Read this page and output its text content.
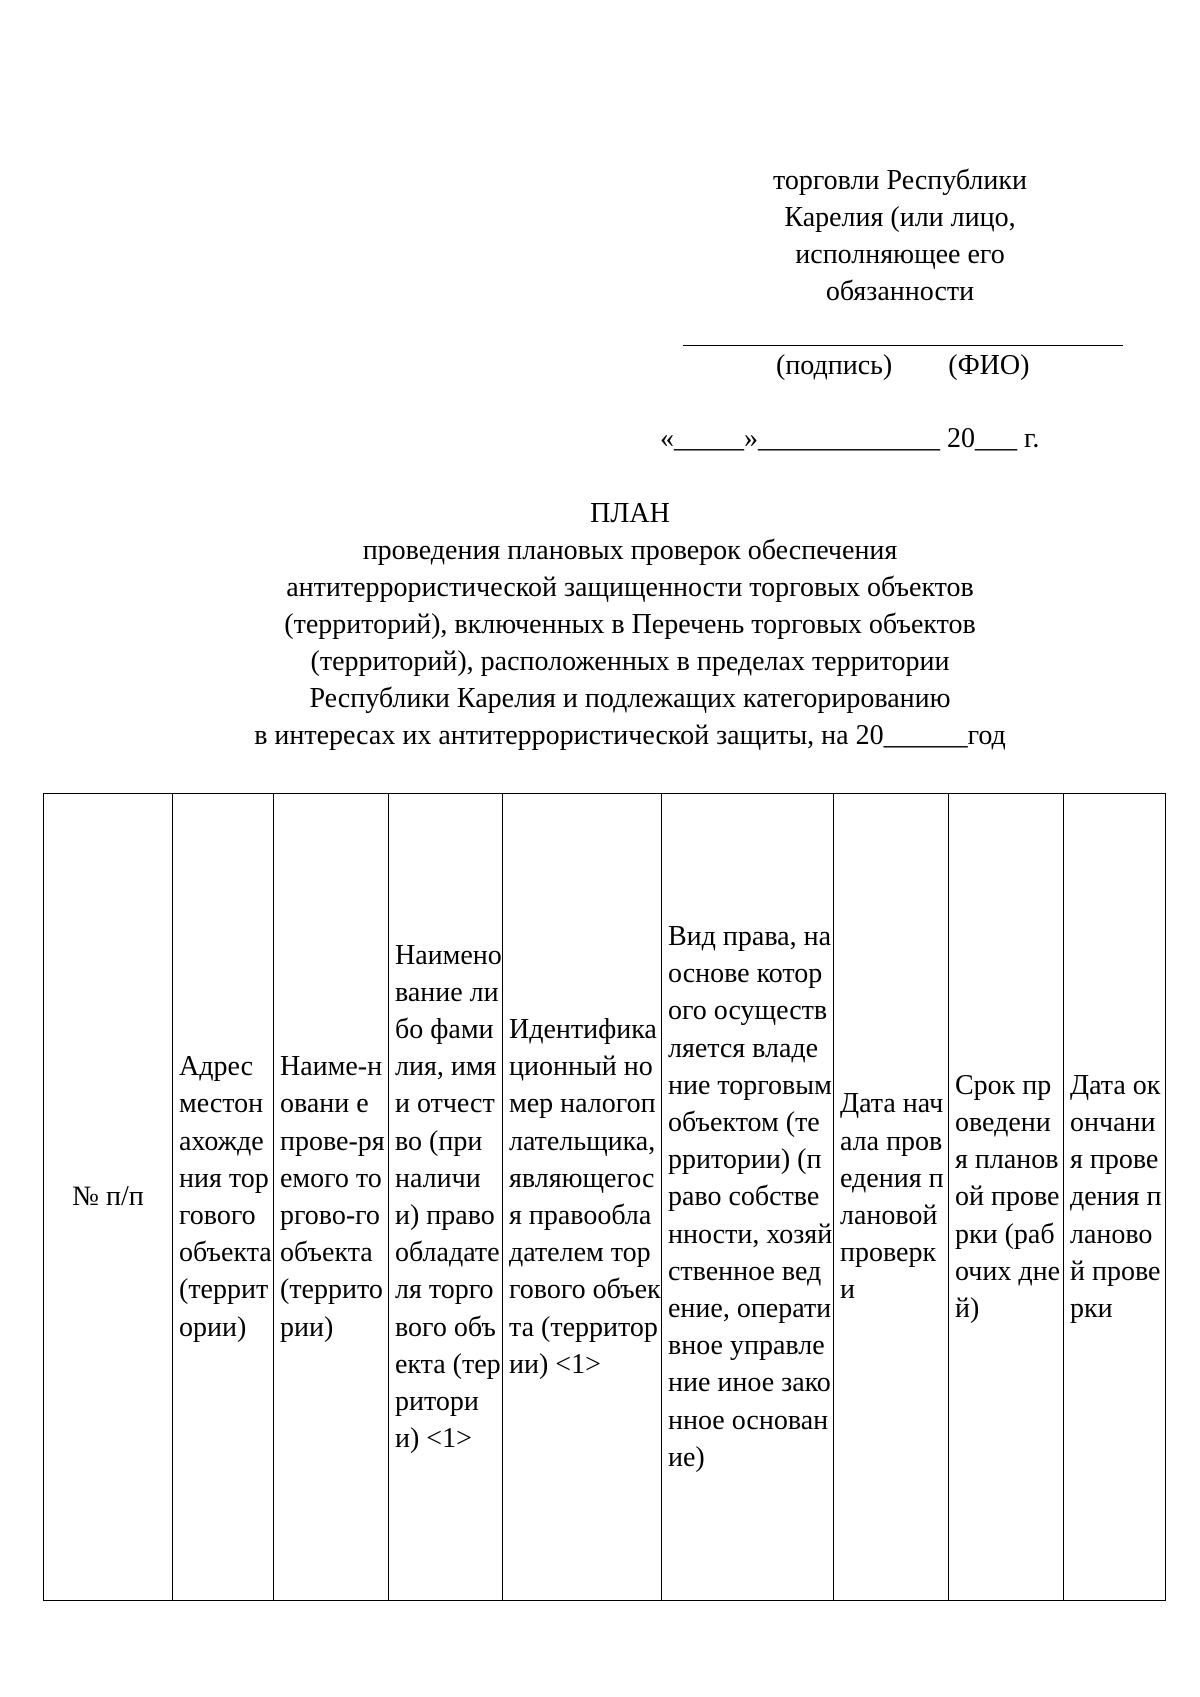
торговли Республики
Карелия (или лицо,
исполняющее его
обязанности
(подпись)        (ФИО)
«_____»_____________ 20___ г.
ПЛАН
проведения плановых проверок обеспечения
антитеррористической защищенности торговых объектов
(территорий), включенных в Перечень торговых объектов
(территорий), расположенных в пределах территории
Республики Карелия и подлежащих категорированию
в интересах их антитеррористической защиты, на 20______год
№ п/п	Адрес местонахождения торгового объекта (территории)	Наиме-новани е прове-ряемого торгово-го объекта (территории)	Наименование либо фамилия, имя и отчество (при наличии) правообладателя торгового объекта (территории) <1>	Идентификационный номер налогоплательщика, являющегося правообладателем торгового объекта (территории) <1>	Вид права, на основе которого осуществляется владение торговым объектом (территории) (право собственности, хозяйственное ведение, оперативное управление иное законное основание)	Дата начала проведения плановой проверки	Срок проведения плановой проверки (рабочих дней)	Дата окончания проведения плановой проверки
